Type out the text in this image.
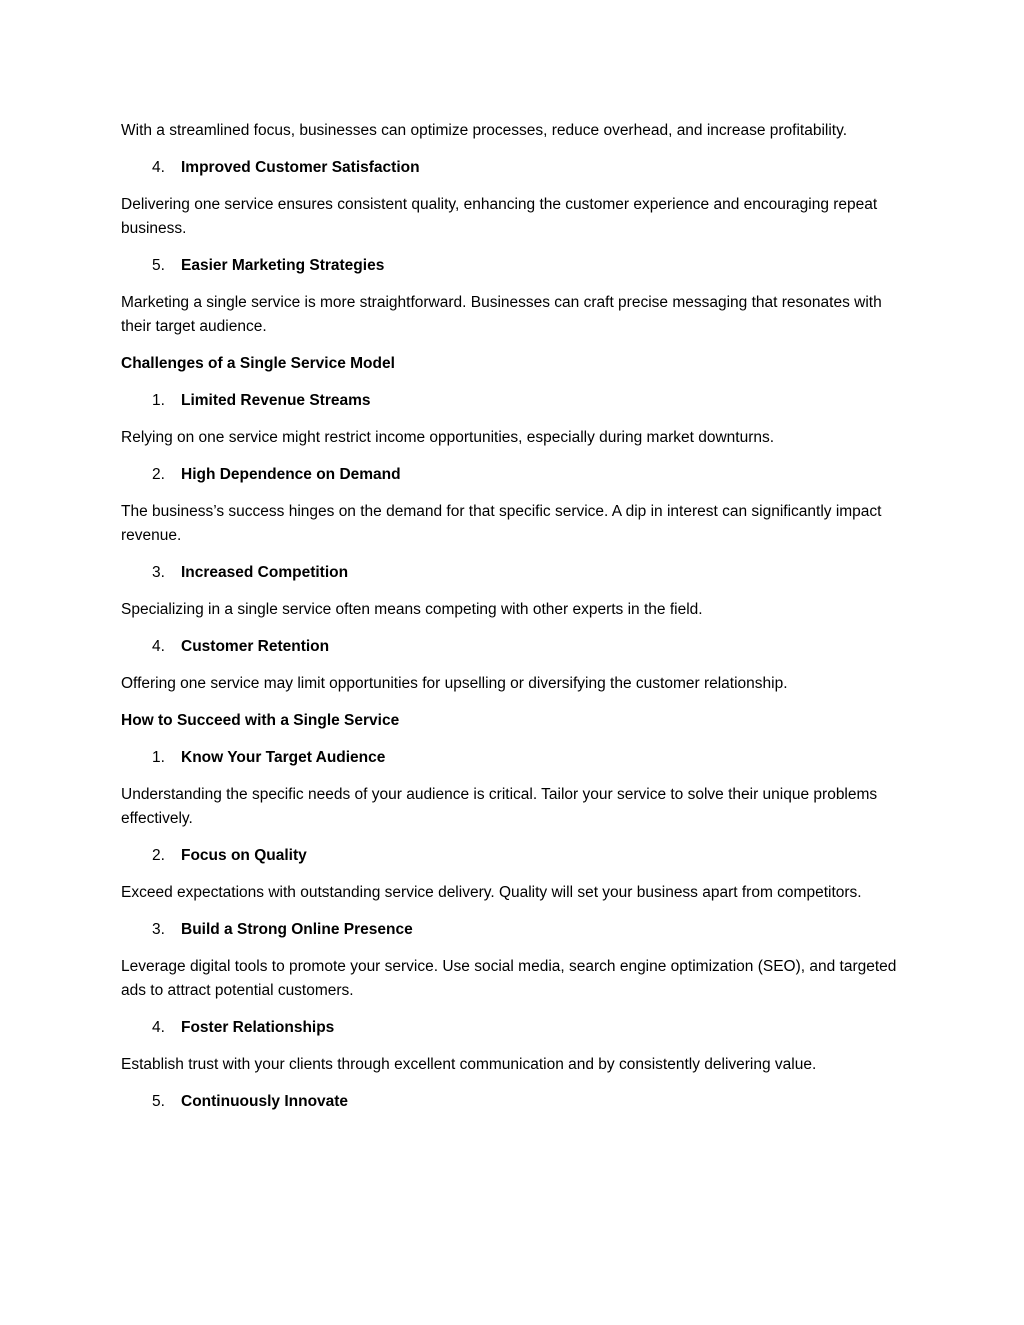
With a streamlined focus, businesses can optimize processes, reduce overhead, and increase profitability.

4.	Improved Customer Satisfaction

Delivering one service ensures consistent quality, enhancing the customer experience and encouraging repeat business.

5.	Easier Marketing Strategies

Marketing a single service is more straightforward. Businesses can craft precise messaging that resonates with their target audience.

Challenges of a Single Service Model

1.	Limited Revenue Streams

Relying on one service might restrict income opportunities, especially during market downturns.

2.	High Dependence on Demand

The business’s success hinges on the demand for that specific service. A dip in interest can significantly impact revenue.

3.	Increased Competition

Specializing in a single service often means competing with other experts in the field.

4.	Customer Retention

Offering one service may limit opportunities for upselling or diversifying the customer relationship.

How to Succeed with a Single Service

1.	Know Your Target Audience

Understanding the specific needs of your audience is critical. Tailor your service to solve their unique problems effectively.

2.	Focus on Quality

Exceed expectations with outstanding service delivery. Quality will set your business apart from competitors.

3.	Build a Strong Online Presence

Leverage digital tools to promote your service. Use social media, search engine optimization (SEO), and targeted ads to attract potential customers.

4.	Foster Relationships

Establish trust with your clients through excellent communication and by consistently delivering value.

5.	Continuously Innovate
